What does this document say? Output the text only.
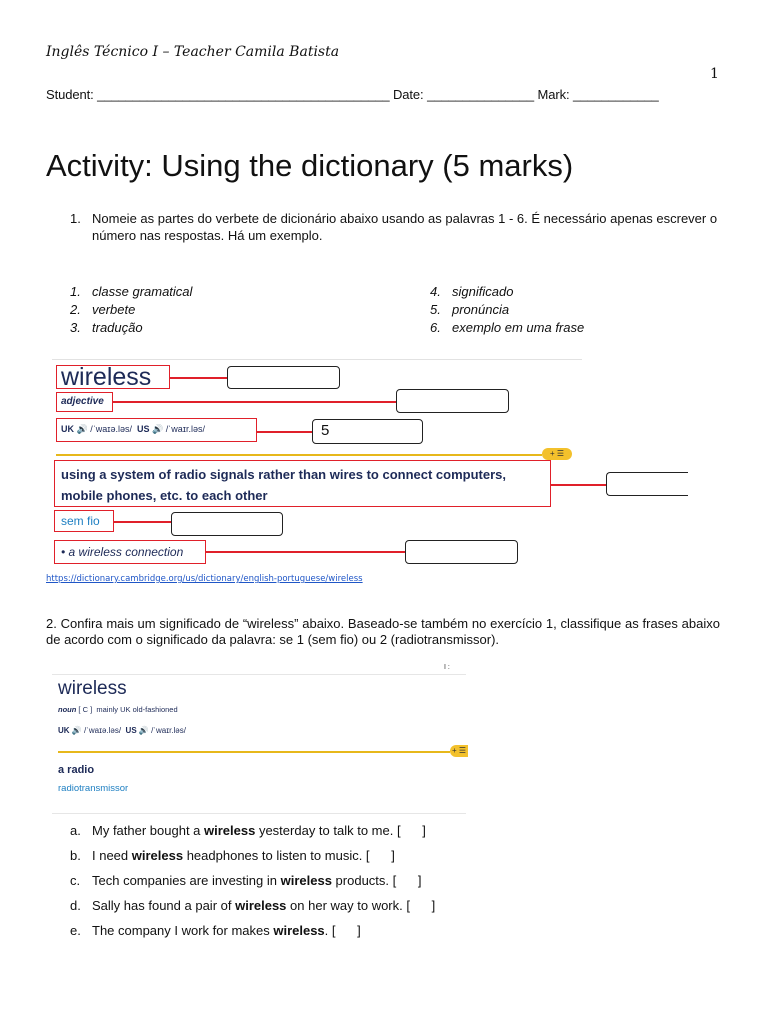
Inglês Técnico I – Teacher Camila Batista
1
Student: _________________________________________ Date: _______________ Mark: ____________
Activity: Using the dictionary (5 marks)
1. Nomeie as partes do verbete de dicionário abaixo usando as palavras 1 - 6. É necessário apenas escrever o número nas respostas. Há um exemplo.
1. classe gramatical
2. verbete
3. tradução
4. significado
5. pronúncia
6. exemplo em uma frase
wireless
adjective
UK 🔊 /ˈwaɪə.ləs/ US 🔊 /ˈwaɪr.ləs/	5
+ ☰
using a system of radio signals rather than wires to connect computers, mobile phones, etc. to each other
sem fio
• a wireless connection
https://dictionary.cambridge.org/us/dictionary/english-portuguese/wireless
2. Confira mais um significado de “wireless” abaixo. Baseado-se também no exercício 1, classifique as frases abaixo de acordo com o significado da palavra: se 1 (sem fio) ou 2 (radiotransmissor).
I :
wireless
noun [ C ] mainly UK old-fashioned
UK 🔊 /ˈwaɪə.ləs/ US 🔊 /ˈwaɪr.ləs/
+ ☰
a radio
radiotransmissor
a. My father bought a wireless yesterday to talk to me. [      ]
b. I need wireless headphones to listen to music. [      ]
c. Tech companies are investing in wireless products. [      ]
d. Sally has found a pair of wireless on her way to work. [      ]
e. The company I work for makes wireless. [      ]
